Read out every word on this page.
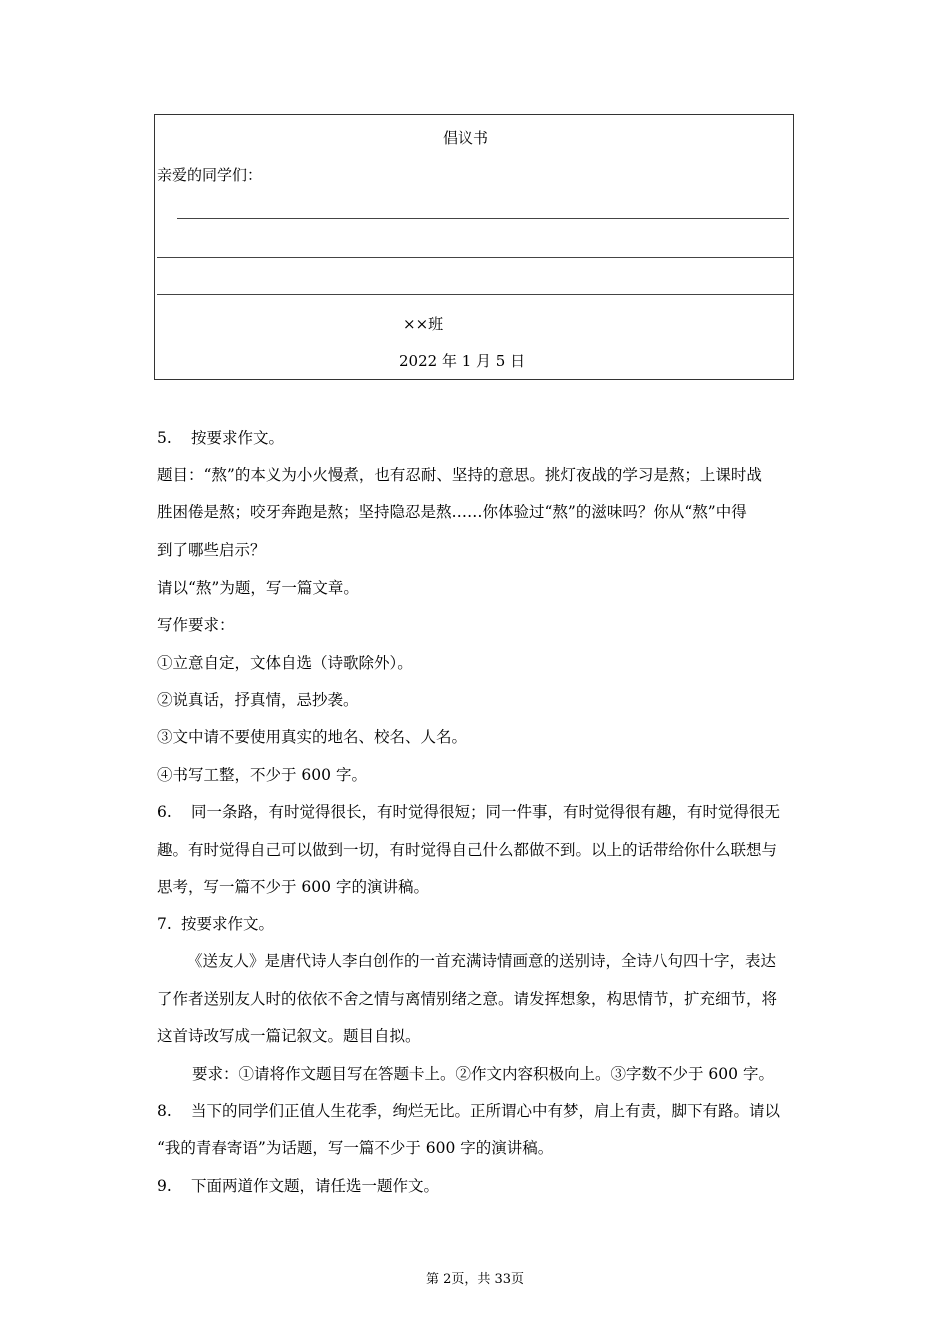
倡议书
亲爱的同学们：
××班
2022 年 1 月 5 日
5. 按要求作文。
题目：“熬”的本义为小火慢煮，也有忍耐、坚持的意思。挑灯夜战的学习是熬；上课时战
胜困倦是熬；咬牙奔跑是熬；坚持隐忍是熬……你体验过“熬”的滋味吗？你从“熬”中得
到了哪些启示？
请以“熬”为题，写一篇文章。
写作要求：
①立意自定，文体自选（诗歌除外）。
②说真话，抒真情，忌抄袭。
③文中请不要使用真实的地名、校名、人名。
④书写工整，不少于 600 字。
6. 同一条路，有时觉得很长，有时觉得很短；同一件事，有时觉得很有趣，有时觉得很无
趣。有时觉得自己可以做到一切，有时觉得自己什么都做不到。以上的话带给你什么联想与
思考，写一篇不少于 600 字的演讲稿。
7. 按要求作文。
《送友人》是唐代诗人李白创作的一首充满诗情画意的送别诗，全诗八句四十字，表达
了作者送别友人时的依依不舍之情与离情别绪之意。请发挥想象，构思情节，扩充细节，将
这首诗改写成一篇记叙文。题目自拟。
要求：①请将作文题目写在答题卡上。②作文内容积极向上。③字数不少于 600 字。
8. 当下的同学们正值人生花季，绚烂无比。正所谓心中有梦，肩上有责，脚下有路。请以
“我的青春寄语”为话题，写一篇不少于 600 字的演讲稿。
9. 下面两道作文题，请任选一题作文。
第 2页，共 33页
